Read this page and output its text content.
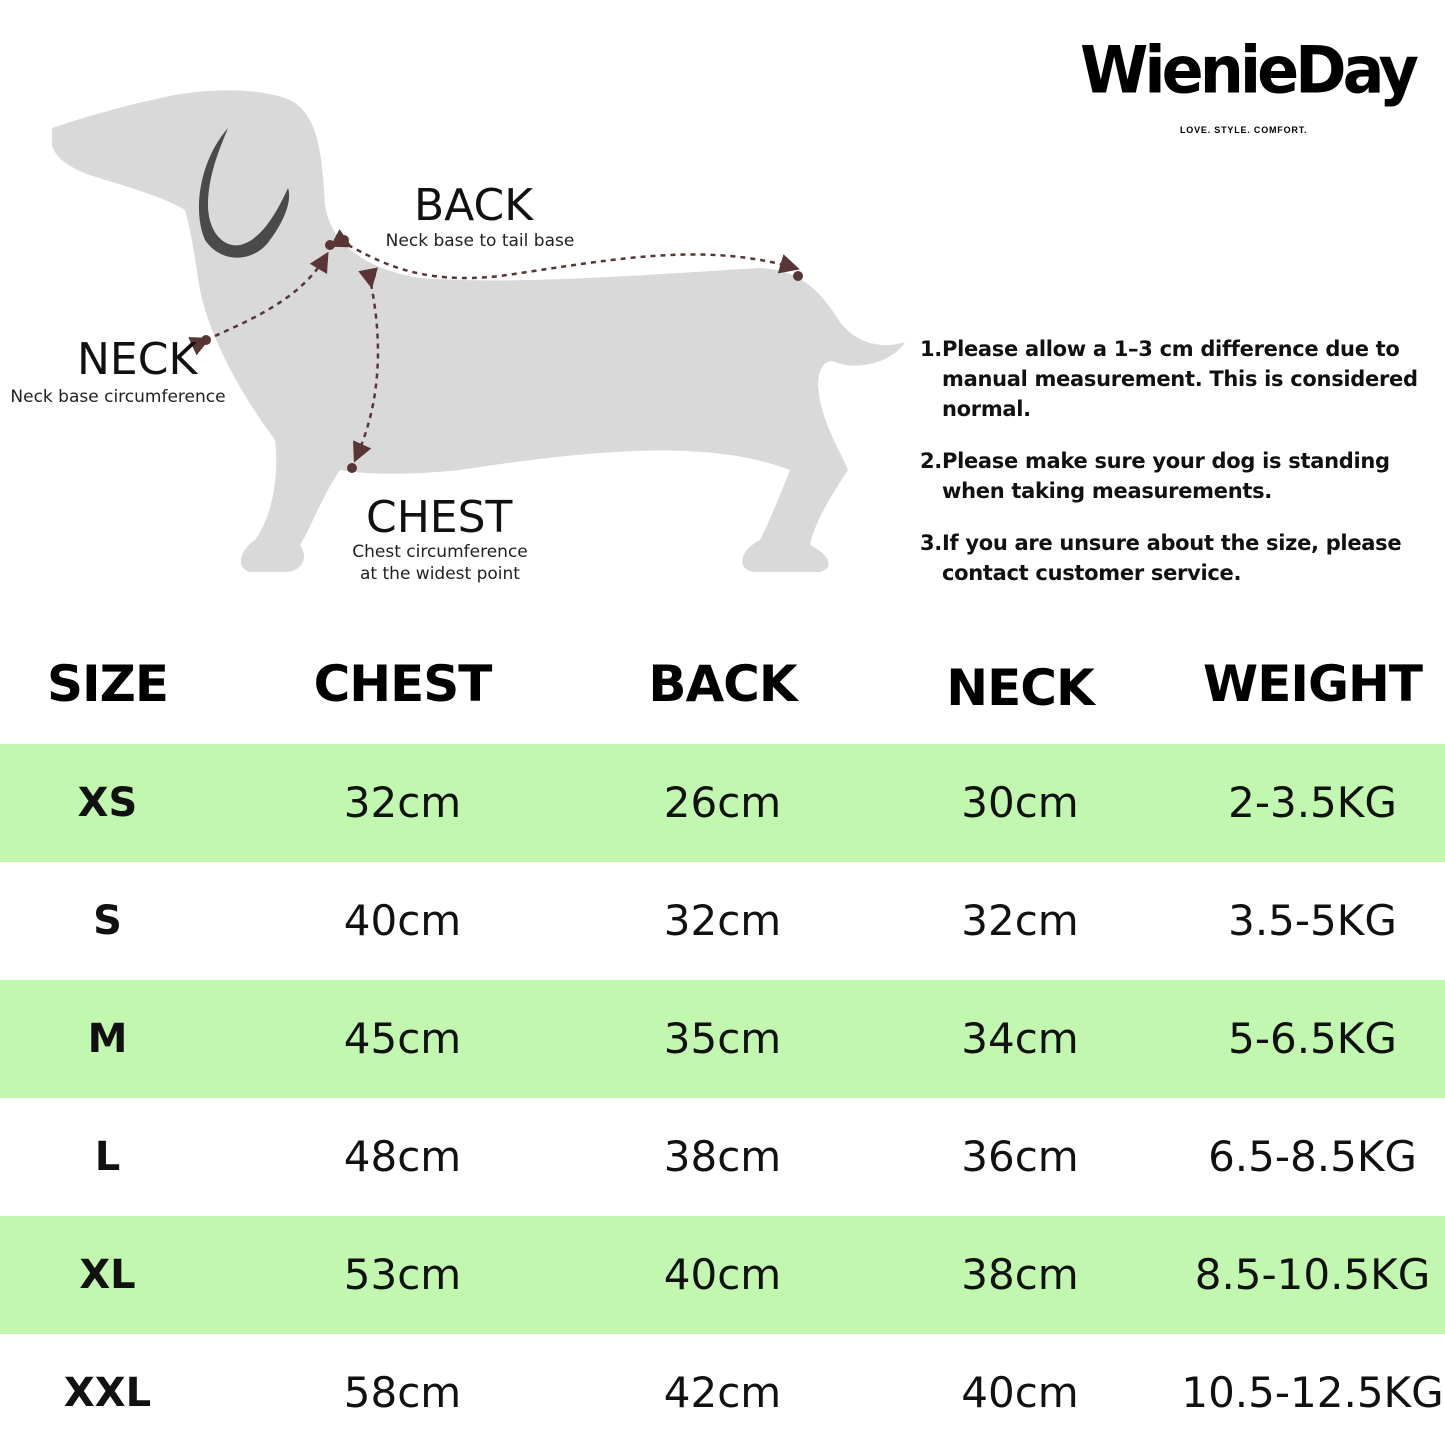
BACK
Neck base to tail base
NECK
Neck base circumference
CHEST
Chest circumference
at the widest point
WienieDay
LOVE. STYLE. COMFORT.
1. Please allow a 1–3 cm difference due to manual measurement. This is considered normal.
2. Please make sure your dog is standing when taking measurements.
3. If you are unsure about the size, please contact customer service.
SIZE	CHEST	BACK	NECK	WEIGHT
XS	32cm	26cm	30cm	2-3.5KG
S	40cm	32cm	32cm	3.5-5KG
M	45cm	35cm	34cm	5-6.5KG
L	48cm	38cm	36cm	6.5-8.5KG
XL	53cm	40cm	38cm	8.5-10.5KG
XXL	58cm	42cm	40cm	10.5-12.5KG
